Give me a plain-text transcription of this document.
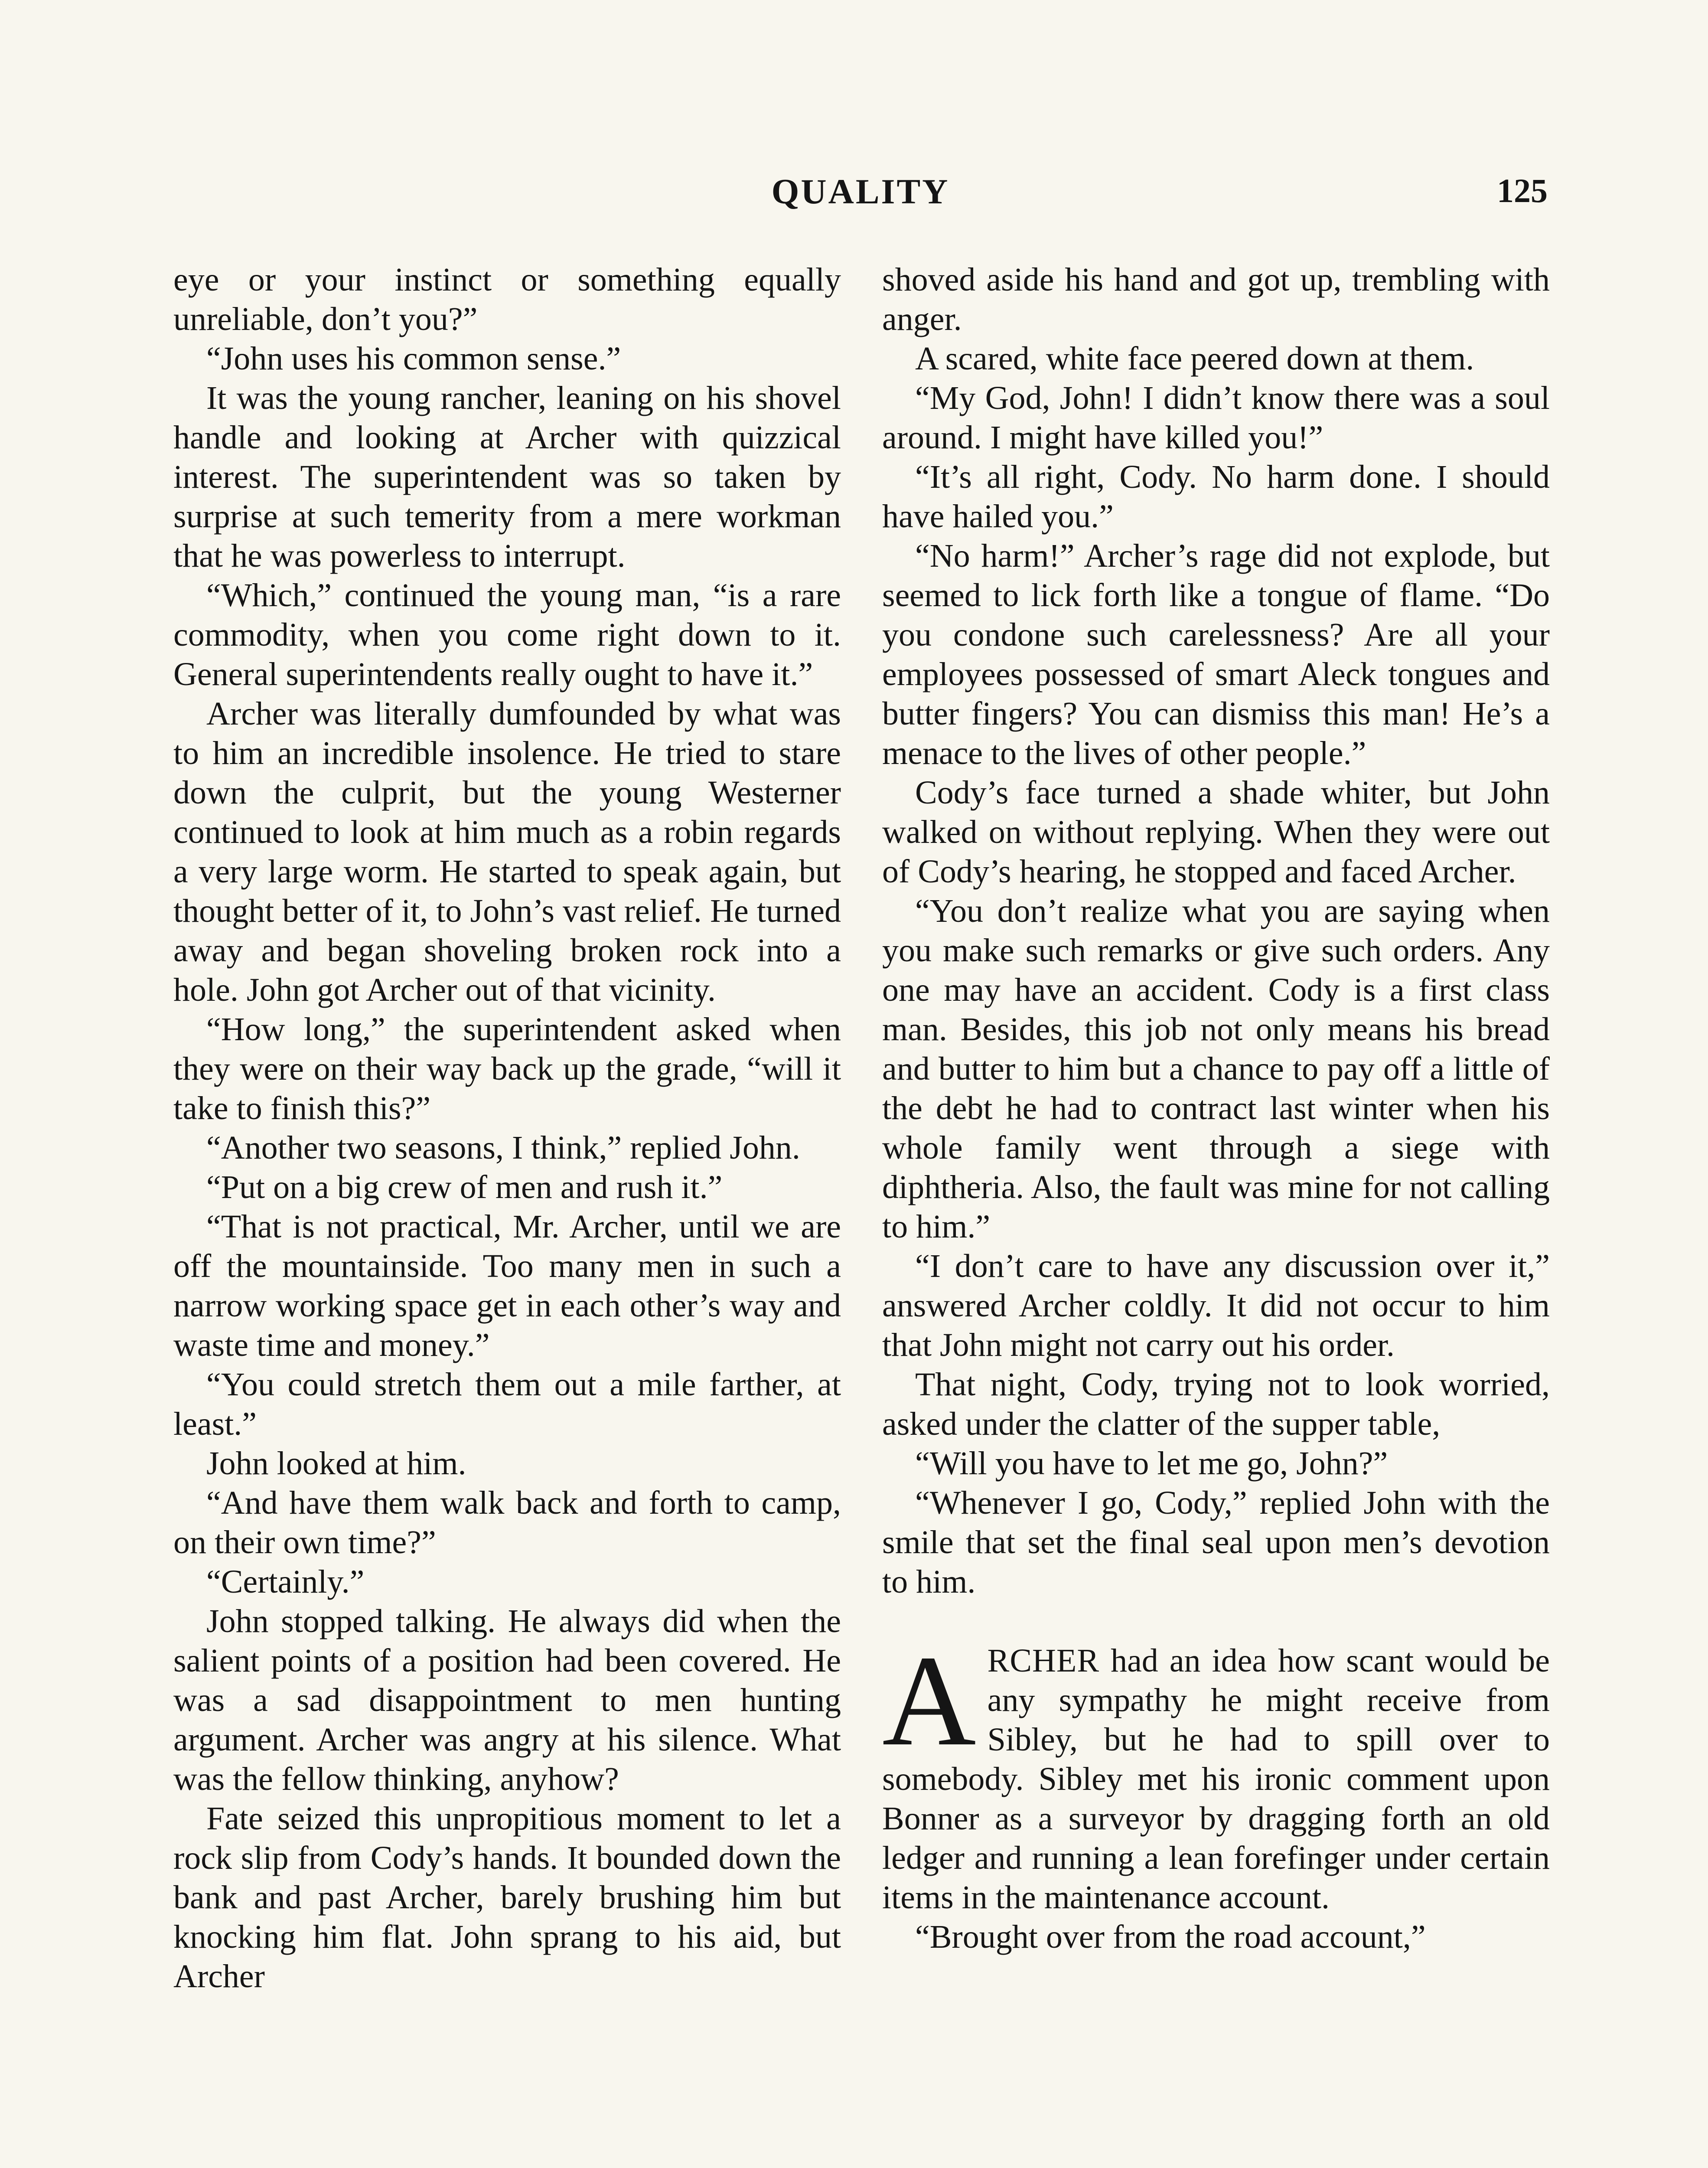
QUALITY	125

eye or your instinct or something equally unreliable, don’t you?”

“John uses his common sense.”

It was the young rancher, leaning on his shovel handle and looking at Archer with quizzical interest. The superintendent was so taken by surprise at such temerity from a mere workman that he was powerless to interrupt.

“Which,” continued the young man, “is a rare commodity, when you come right down to it. General superintendents really ought to have it.”

Archer was literally dumfounded by what was to him an incredible insolence. He tried to stare down the culprit, but the young Westerner continued to look at him much as a robin regards a very large worm. He started to speak again, but thought better of it, to John’s vast relief. He turned away and began shoveling broken rock into a hole. John got Archer out of that vicinity.

“How long,” the superintendent asked when they were on their way back up the grade, “will it take to finish this?”

“Another two seasons, I think,” replied John.

“Put on a big crew of men and rush it.”

“That is not practical, Mr. Archer, until we are off the mountainside. Too many men in such a narrow working space get in each other’s way and waste time and money.”

“You could stretch them out a mile farther, at least.”

John looked at him.

“And have them walk back and forth to camp, on their own time?”

“Certainly.”

John stopped talking. He always did when the salient points of a position had been covered. He was a sad disappointment to men hunting argument. Archer was angry at his silence. What was the fellow thinking, anyhow?

Fate seized this unpropitious moment to let a rock slip from Cody’s hands. It bounded down the bank and past Archer, barely brushing him but knocking him flat. John sprang to his aid, but Archer

shoved aside his hand and got up, trembling with anger.

A scared, white face peered down at them.

“My God, John! I didn’t know there was a soul around. I might have killed you!”

“It’s all right, Cody. No harm done. I should have hailed you.”

“No harm!” Archer’s rage did not explode, but seemed to lick forth like a tongue of flame. “Do you condone such carelessness? Are all your employees possessed of smart Aleck tongues and butter fingers? You can dismiss this man! He’s a menace to the lives of other people.”

Cody’s face turned a shade whiter, but John walked on without replying. When they were out of Cody’s hearing, he stopped and faced Archer.

“You don’t realize what you are saying when you make such remarks or give such orders. Any one may have an accident. Cody is a first class man. Besides, this job not only means his bread and butter to him but a chance to pay off a little of the debt he had to contract last winter when his whole family went through a siege with diphtheria. Also, the fault was mine for not calling to him.”

“I don’t care to have any discussion over it,” answered Archer coldly. It did not occur to him that John might not carry out his order.

That night, Cody, trying not to look worried, asked under the clatter of the supper table,

“Will you have to let me go, John?”

“Whenever I go, Cody,” replied John with the smile that set the final seal upon men’s devotion to him.

ARCHER had an idea how scant would be any sympathy he might receive from Sibley, but he had to spill over to somebody. Sibley met his ironic comment upon Bonner as a surveyor by dragging forth an old ledger and running a lean forefinger under certain items in the maintenance account.

“Brought over from the road account,”
